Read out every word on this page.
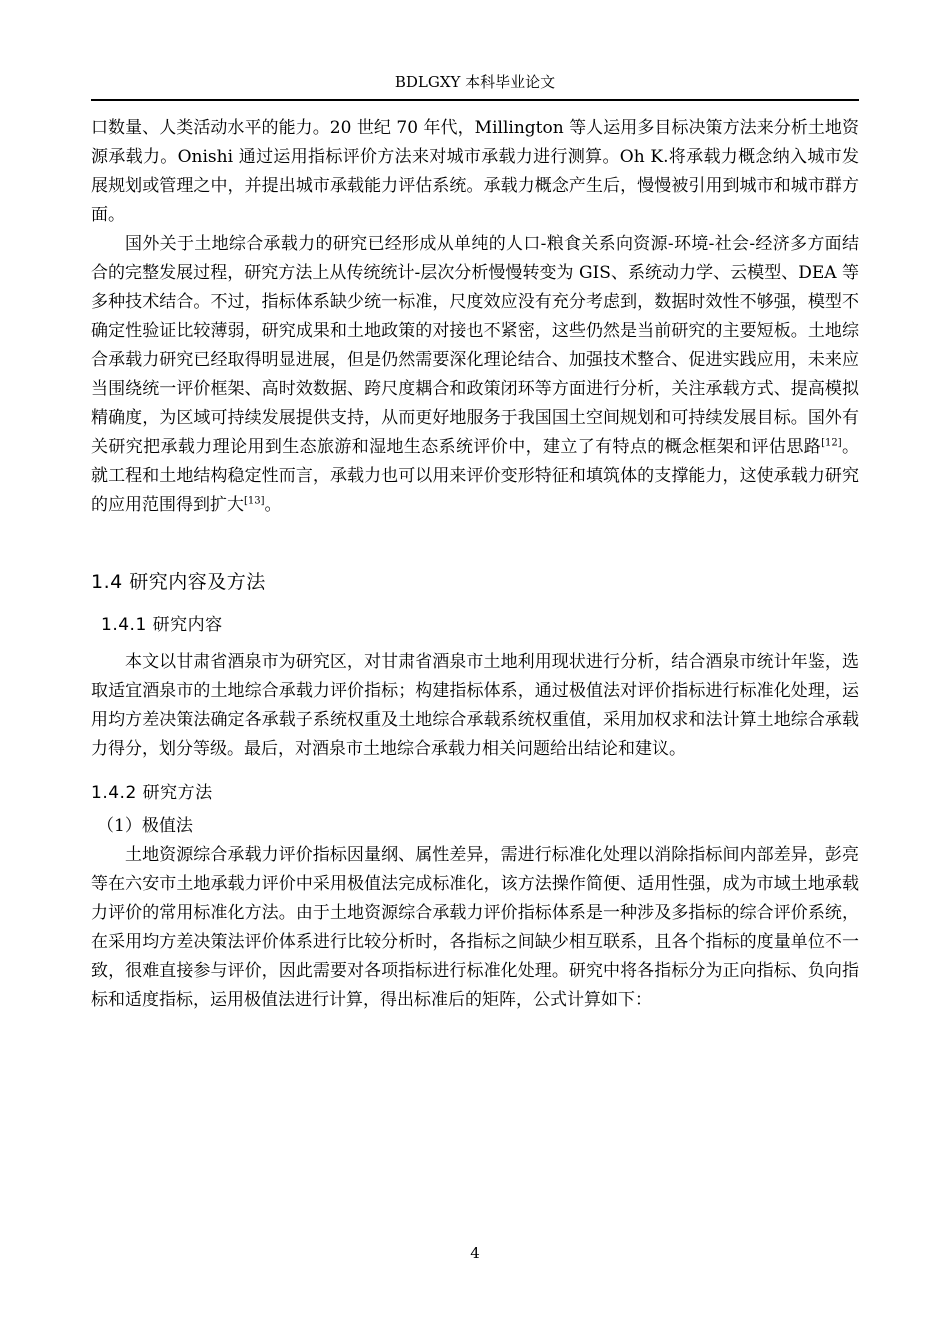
BDLGXY 本科毕业论文

口数量、人类活动水平的能力。20 世纪 70 年代，Millington 等人运用多目标决策方法来分析土地资源承载力。Onishi 通过运用指标评价方法来对城市承载力进行测算。Oh K.将承载力概念纳入城市发展规划或管理之中，并提出城市承载能力评估系统。承载力概念产生后，慢慢被引用到城市和城市群方面。

国外关于土地综合承载力的研究已经形成从单纯的人口-粮食关系向资源-环境-社会-经济多方面结合的完整发展过程，研究方法上从传统统计-层次分析慢慢转变为 GIS、系统动力学、云模型、DEA 等多种技术结合。不过，指标体系缺少统一标准，尺度效应没有充分考虑到，数据时效性不够强，模型不确定性验证比较薄弱，研究成果和土地政策的对接也不紧密，这些仍然是当前研究的主要短板。土地综合承载力研究已经取得明显进展，但是仍然需要深化理论结合、加强技术整合、促进实践应用，未来应当围绕统一评价框架、高时效数据、跨尺度耦合和政策闭环等方面进行分析，关注承载方式、提高模拟精确度，为区域可持续发展提供支持，从而更好地服务于我国国土空间规划和可持续发展目标。国外有关研究把承载力理论用到生态旅游和湿地生态系统评价中，建立了有特点的概念框架和评估思路[12]。就工程和土地结构稳定性而言，承载力也可以用来评价变形特征和填筑体的支撑能力，这使承载力研究的应用范围得到扩大[13]。

1.4 研究内容及方法
1.4.1 研究内容

本文以甘肃省酒泉市为研究区，对甘肃省酒泉市土地利用现状进行分析，结合酒泉市统计年鉴，选取适宜酒泉市的土地综合承载力评价指标；构建指标体系，通过极值法对评价指标进行标准化处理，运用均方差决策法确定各承载子系统权重及土地综合承载系统权重值，采用加权求和法计算土地综合承载力得分，划分等级。最后，对酒泉市土地综合承载力相关问题给出结论和建议。

1.4.2 研究方法
（1）极值法

土地资源综合承载力评价指标因量纲、属性差异，需进行标准化处理以消除指标间内部差异，彭亮等在六安市土地承载力评价中采用极值法完成标准化，该方法操作简便、适用性强，成为市域土地承载力评价的常用标准化方法。由于土地资源综合承载力评价指标体系是一种涉及多指标的综合评价系统，在采用均方差决策法评价体系进行比较分析时，各指标之间缺少相互联系，且各个指标的度量单位不一致，很难直接参与评价，因此需要对各项指标进行标准化处理。研究中将各指标分为正向指标、负向指标和适度指标，运用极值法进行计算，得出标准后的矩阵，公式计算如下：

4
